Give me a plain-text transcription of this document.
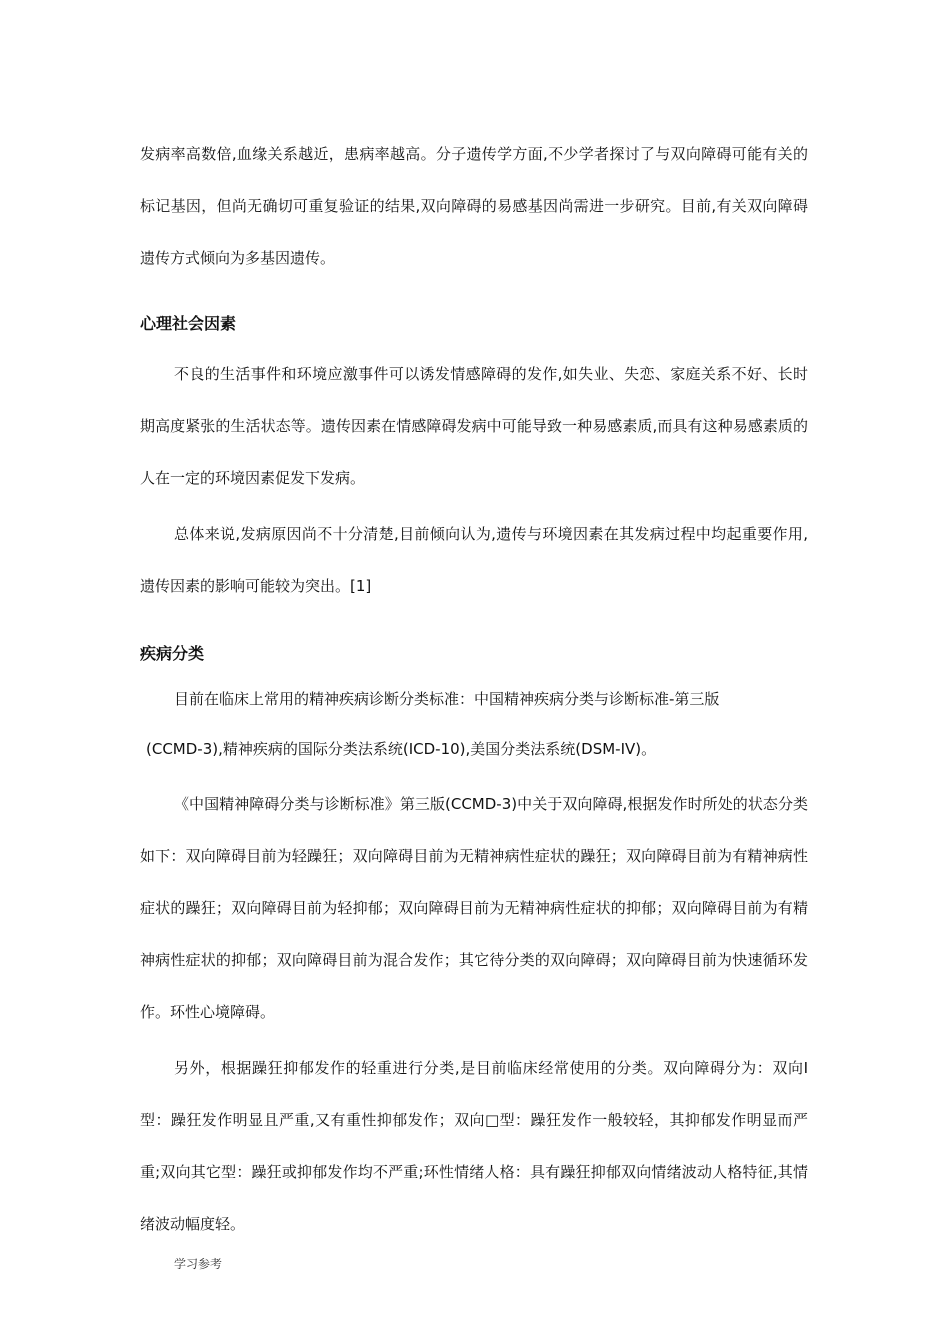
发病率高数倍,血缘关系越近，患病率越高。分子遗传学方面,不少学者探讨了与双向障碍可能有关的标记基因，但尚无确切可重复验证的结果,双向障碍的易感基因尚需进一步研究。目前,有关双向障碍遗传方式倾向为多基因遗传。

心理社会因素

不良的生活事件和环境应激事件可以诱发情感障碍的发作,如失业、失恋、家庭关系不好、长时期高度紧张的生活状态等。遗传因素在情感障碍发病中可能导致一种易感素质,而具有这种易感素质的人在一定的环境因素促发下发病。

总体来说,发病原因尚不十分清楚,目前倾向认为,遗传与环境因素在其发病过程中均起重要作用,遗传因素的影响可能较为突出。[1]

疾病分类

目前在临床上常用的精神疾病诊断分类标准：中国精神疾病分类与诊断标准-第三版

(CCMD-3),精神疾病的国际分类法系统(ICD-10),美国分类法系统(DSM-IV)。

《中国精神障碍分类与诊断标准》第三版(CCMD-3)中关于双向障碍,根据发作时所处的状态分类如下：双向障碍目前为轻躁狂；双向障碍目前为无精神病性症状的躁狂；双向障碍目前为有精神病性症状的躁狂；双向障碍目前为轻抑郁；双向障碍目前为无精神病性症状的抑郁；双向障碍目前为有精神病性症状的抑郁；双向障碍目前为混合发作；其它待分类的双向障碍；双向障碍目前为快速循环发作。环性心境障碍。

另外，根据躁狂抑郁发作的轻重进行分类,是目前临床经常使用的分类。双向障碍分为：双向Ⅰ型：躁狂发作明显且严重,又有重性抑郁发作；双向□型：躁狂发作一般较轻，其抑郁发作明显而严重;双向其它型：躁狂或抑郁发作均不严重;环性情绪人格：具有躁狂抑郁双向情绪波动人格特征,其情绪波动幅度轻。

学习参考
